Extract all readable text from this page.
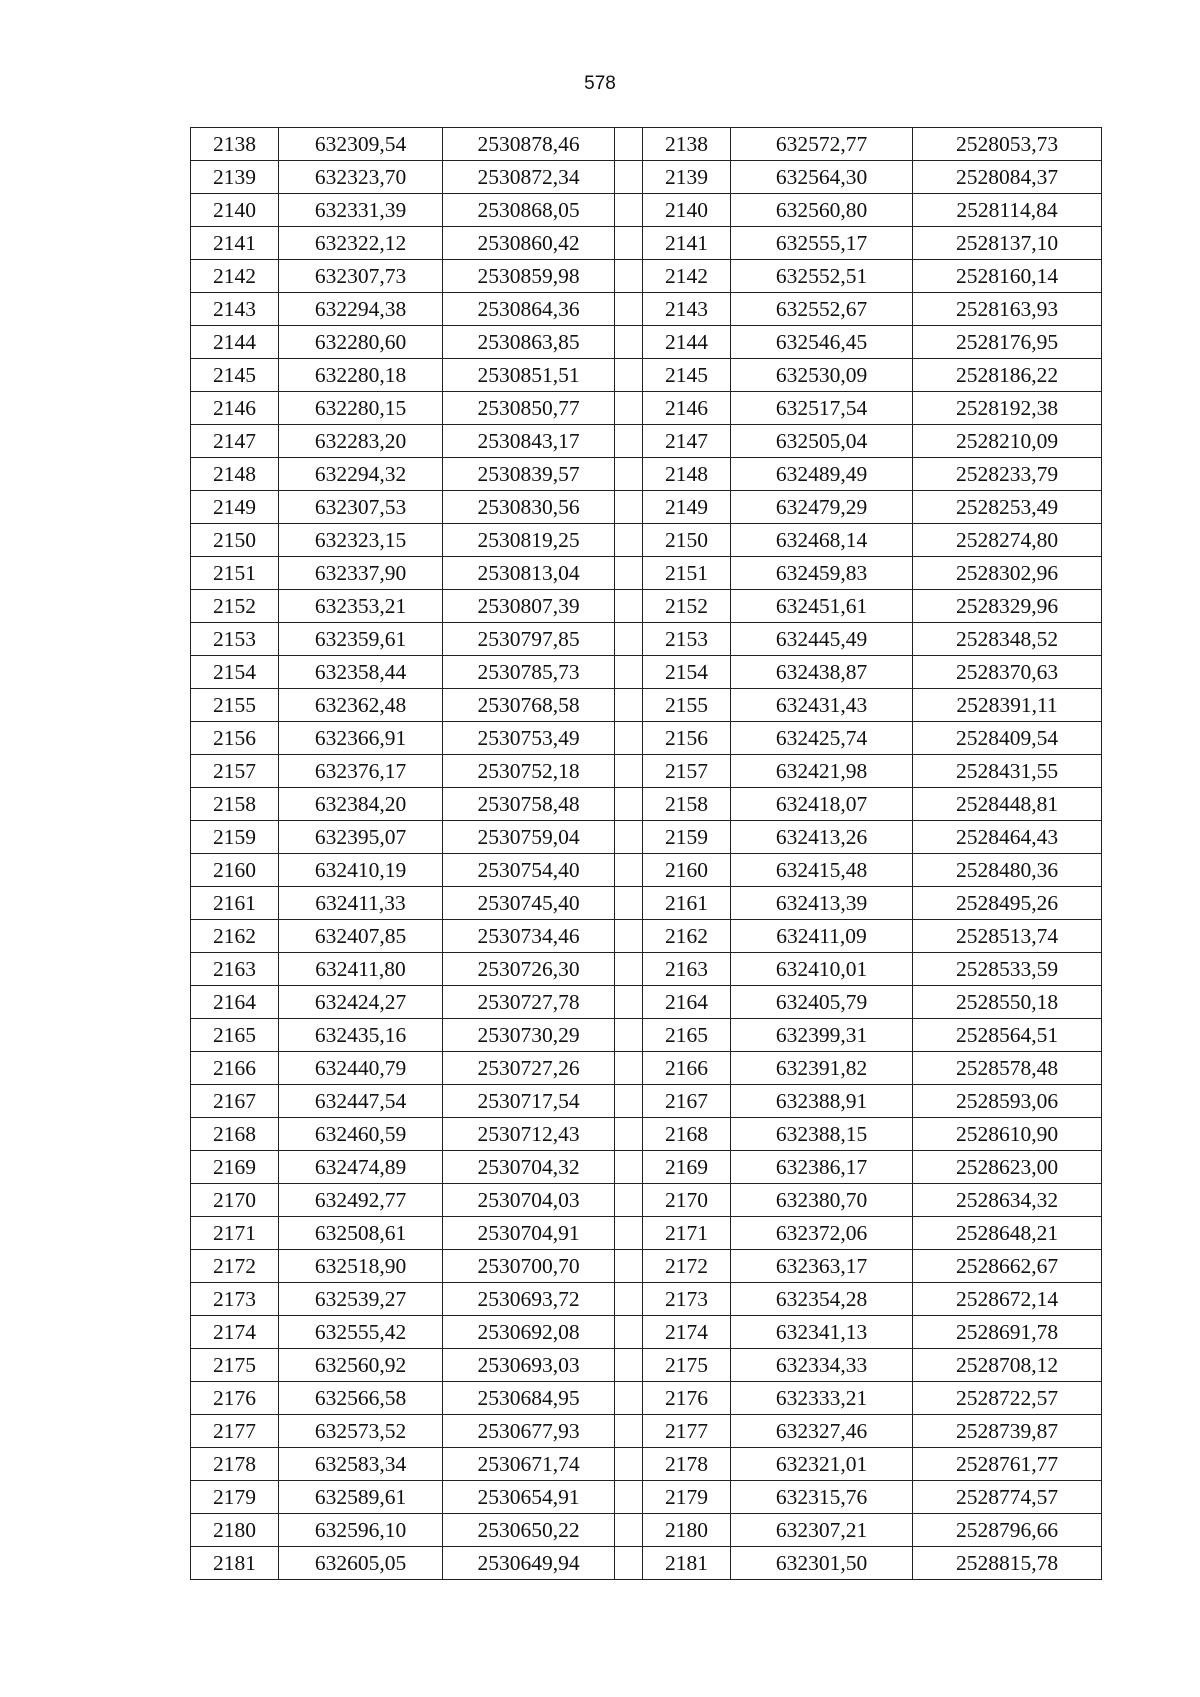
578
2138	632309,54	2530878,46		2138	632572,77	2528053,73
2139	632323,70	2530872,34		2139	632564,30	2528084,37
2140	632331,39	2530868,05		2140	632560,80	2528114,84
2141	632322,12	2530860,42		2141	632555,17	2528137,10
2142	632307,73	2530859,98		2142	632552,51	2528160,14
2143	632294,38	2530864,36		2143	632552,67	2528163,93
2144	632280,60	2530863,85		2144	632546,45	2528176,95
2145	632280,18	2530851,51		2145	632530,09	2528186,22
2146	632280,15	2530850,77		2146	632517,54	2528192,38
2147	632283,20	2530843,17		2147	632505,04	2528210,09
2148	632294,32	2530839,57		2148	632489,49	2528233,79
2149	632307,53	2530830,56		2149	632479,29	2528253,49
2150	632323,15	2530819,25		2150	632468,14	2528274,80
2151	632337,90	2530813,04		2151	632459,83	2528302,96
2152	632353,21	2530807,39		2152	632451,61	2528329,96
2153	632359,61	2530797,85		2153	632445,49	2528348,52
2154	632358,44	2530785,73		2154	632438,87	2528370,63
2155	632362,48	2530768,58		2155	632431,43	2528391,11
2156	632366,91	2530753,49		2156	632425,74	2528409,54
2157	632376,17	2530752,18		2157	632421,98	2528431,55
2158	632384,20	2530758,48		2158	632418,07	2528448,81
2159	632395,07	2530759,04		2159	632413,26	2528464,43
2160	632410,19	2530754,40		2160	632415,48	2528480,36
2161	632411,33	2530745,40		2161	632413,39	2528495,26
2162	632407,85	2530734,46		2162	632411,09	2528513,74
2163	632411,80	2530726,30		2163	632410,01	2528533,59
2164	632424,27	2530727,78		2164	632405,79	2528550,18
2165	632435,16	2530730,29		2165	632399,31	2528564,51
2166	632440,79	2530727,26		2166	632391,82	2528578,48
2167	632447,54	2530717,54		2167	632388,91	2528593,06
2168	632460,59	2530712,43		2168	632388,15	2528610,90
2169	632474,89	2530704,32		2169	632386,17	2528623,00
2170	632492,77	2530704,03		2170	632380,70	2528634,32
2171	632508,61	2530704,91		2171	632372,06	2528648,21
2172	632518,90	2530700,70		2172	632363,17	2528662,67
2173	632539,27	2530693,72		2173	632354,28	2528672,14
2174	632555,42	2530692,08		2174	632341,13	2528691,78
2175	632560,92	2530693,03		2175	632334,33	2528708,12
2176	632566,58	2530684,95		2176	632333,21	2528722,57
2177	632573,52	2530677,93		2177	632327,46	2528739,87
2178	632583,34	2530671,74		2178	632321,01	2528761,77
2179	632589,61	2530654,91		2179	632315,76	2528774,57
2180	632596,10	2530650,22		2180	632307,21	2528796,66
2181	632605,05	2530649,94		2181	632301,50	2528815,78
